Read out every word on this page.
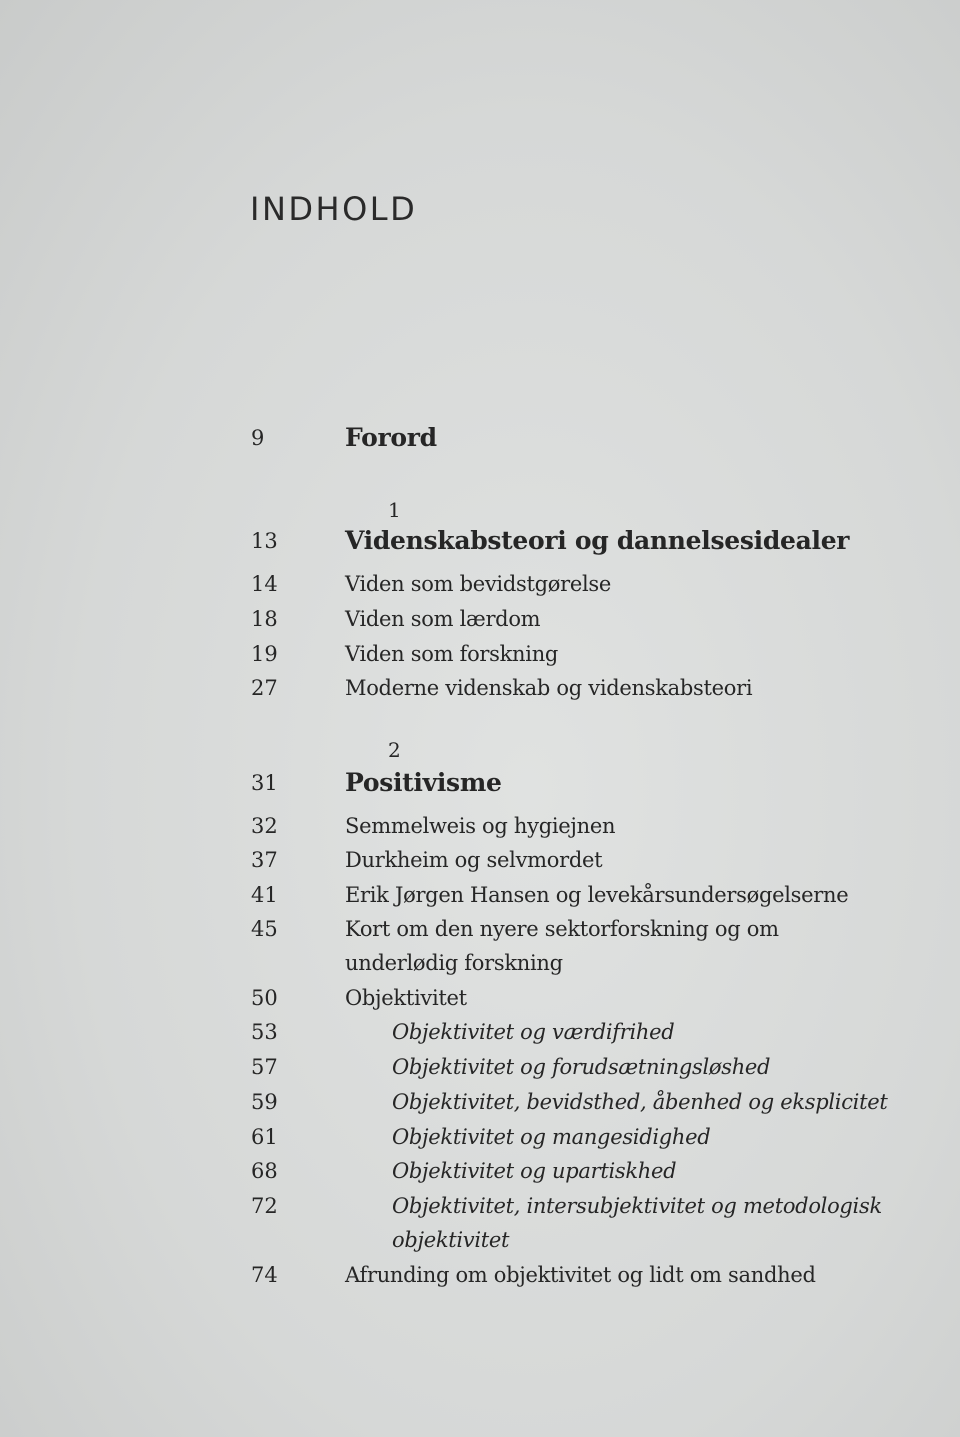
INDHOLD
9	Forord
1
13	Videnskabsteori og dannelsesidealer
14	Viden som bevidstgørelse
18	Viden som lærdom
19	Viden som forskning
27	Moderne videnskab og videnskabsteori
2
31	Positivisme
32	Semmelweis og hygiejnen
37	Durkheim og selvmordet
41	Erik Jørgen Hansen og levekårsundersøgelserne
45	Kort om den nyere sektorforskning og om
underlødig forskning
50	Objektivitet
53	Objektivitet og værdifrihed
57	Objektivitet og forudsætningsløshed
59	Objektivitet, bevidsthed, åbenhed og eksplicitet
61	Objektivitet og mangesidighed
68	Objektivitet og upartiskhed
72	Objektivitet, intersubjektivitet og metodologisk
objektivitet
74	Afrunding om objektivitet og lidt om sandhed
